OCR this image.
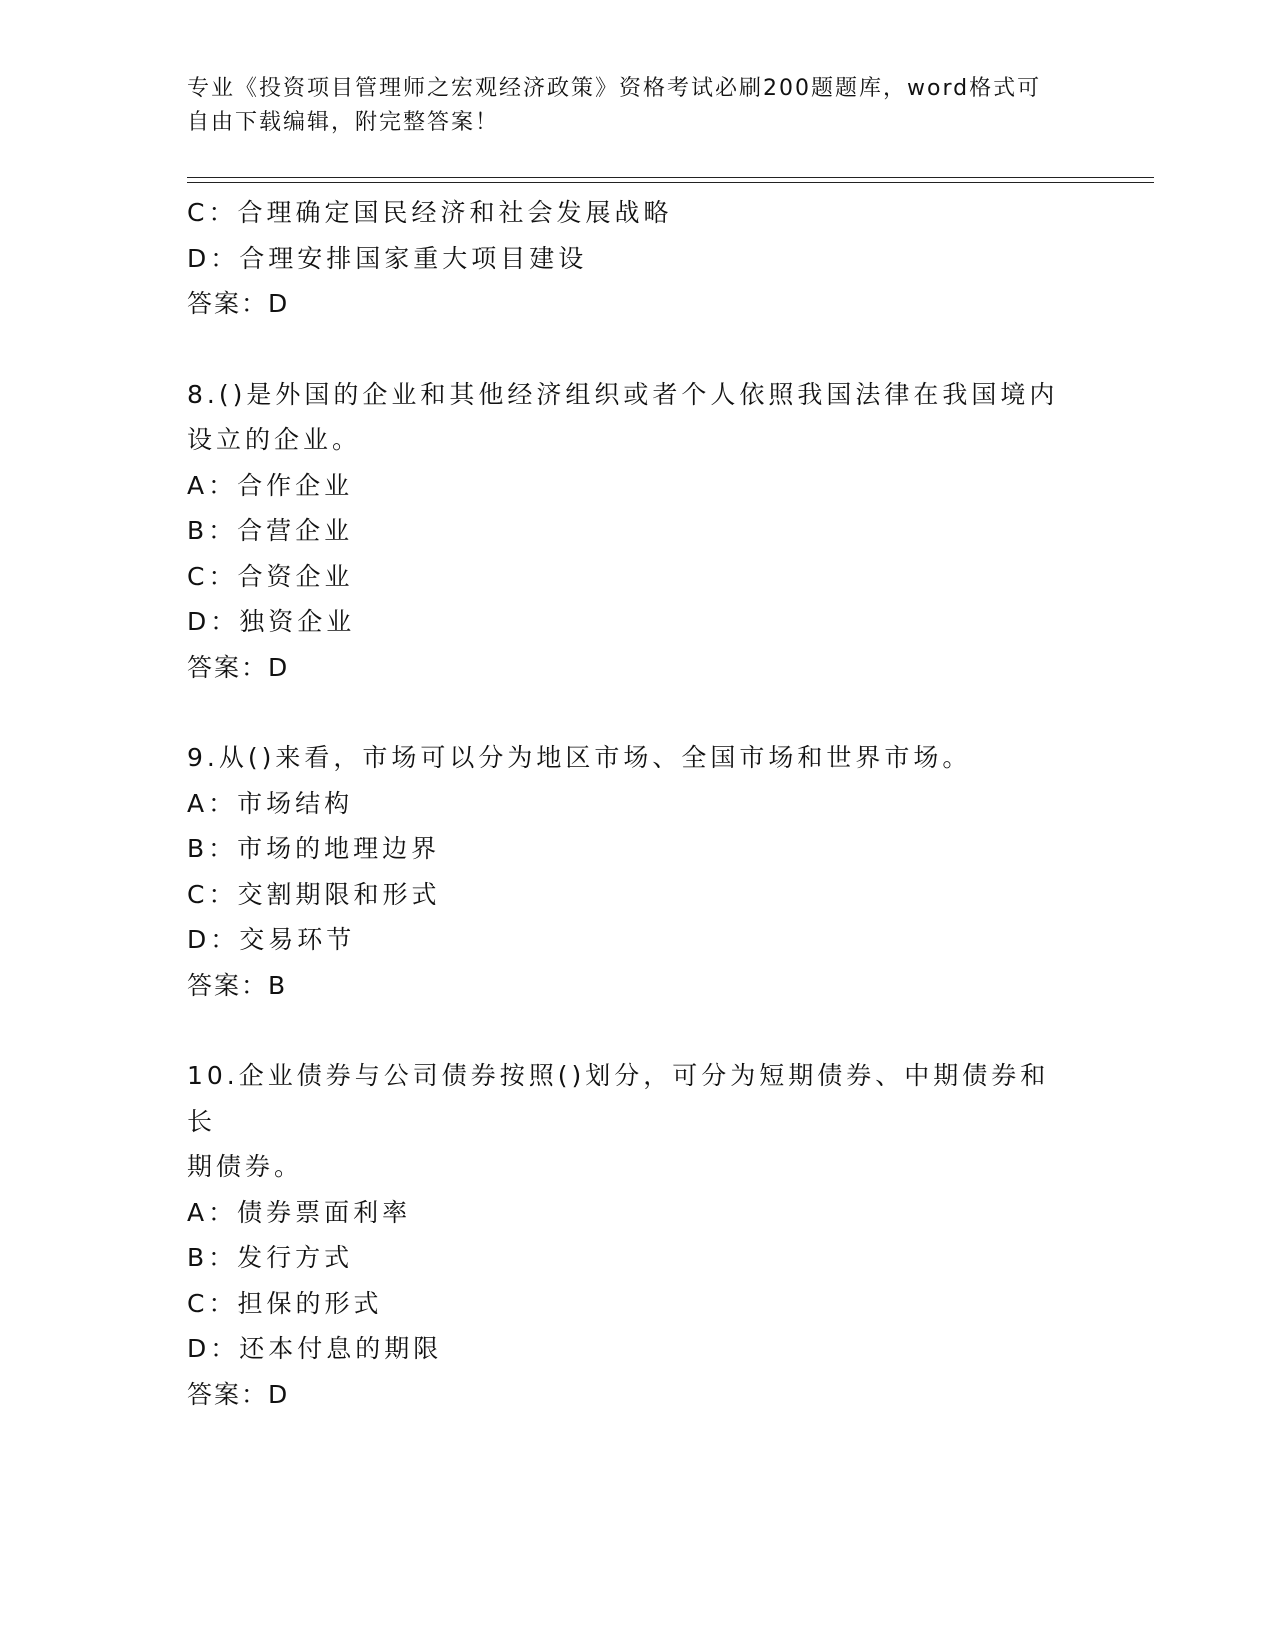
专业《投资项目管理师之宏观经济政策》资格考试必刷200题题库，word格式可
自由下载编辑，附完整答案！
C：合理确定国民经济和社会发展战略
D：合理安排国家重大项目建设
答案：D
8.()是外国的企业和其他经济组织或者个人依照我国法律在我国境内
设立的企业。
A：合作企业
B：合营企业
C：合资企业
D：独资企业
答案：D
9.从()来看，市场可以分为地区市场、全国市场和世界市场。
A：市场结构
B：市场的地理边界
C：交割期限和形式
D：交易环节
答案：B
10.企业债券与公司债券按照()划分，可分为短期债券、中期债券和长
期债券。
A：债券票面利率
B：发行方式
C：担保的形式
D：还本付息的期限
答案：D
